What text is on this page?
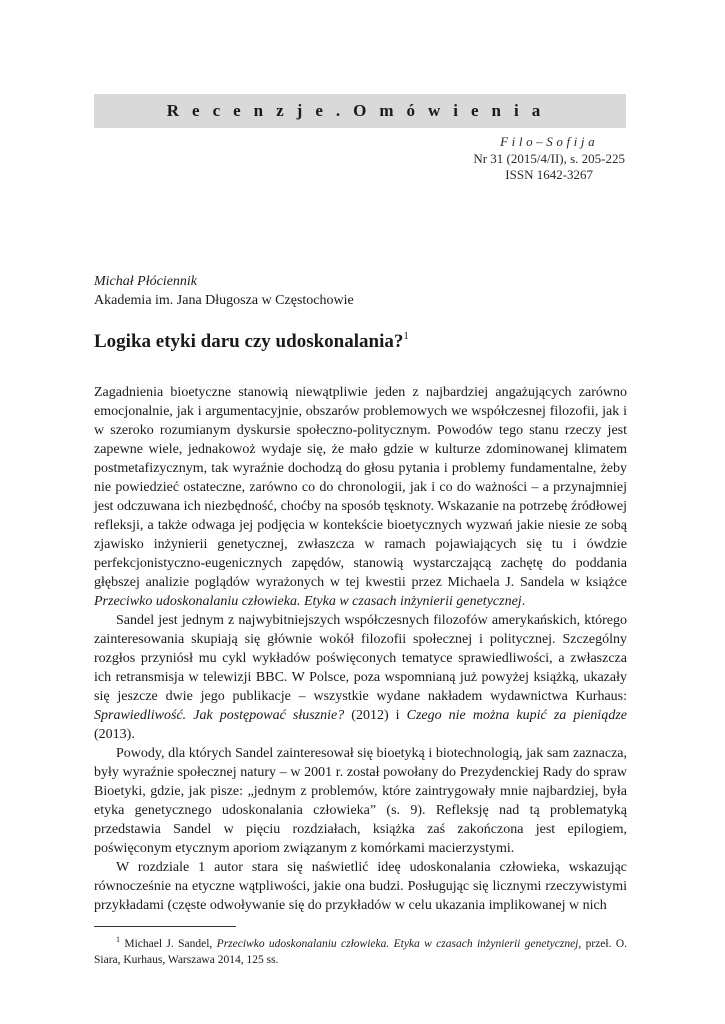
Recenzje.Omówienia
Filo–Sofija
Nr 31 (2015/4/II), s. 205-225
ISSN 1642-3267
Michał Płóciennik
Akademia im. Jana Długosza w Częstochowie
Logika etyki daru czy udoskonalania?$^1$

Zagadnienia bioetyczne stanowią niewątpliwie jeden z najbardziej angażujących zarówno emocjonalnie, jak i argumentacyjnie, obszarów problemowych we współczesnej filozofii, jak i w szeroko rozumianym dyskursie społeczno-politycznym. Powodów tego stanu rzeczy jest zapewne wiele, jednakowoż wydaje się, że mało gdzie w kulturze zdominowanej klimatem postmetafizycznym, tak wyraźnie dochodzą do głosu pytania i problemy fundamentalne, żeby nie powiedzieć ostateczne, zarówno co do chronologii, jak i co do ważności – a przynajmniej jest odczuwana ich niezbędność, choćby na sposób tęsknoty. Wskazanie na potrzebę źródłowej refleksji, a także odwaga jej podjęcia w kontekście bioetycznych wyzwań jakie niesie ze sobą zjawisko inżynierii genetycznej, zwłaszcza w ramach pojawiających się tu i ówdzie perfekcjonistyczno-eugenicznych zapędów, stanowią wystarczającą zachętę do poddania głębszej analizie poglądów wyrażonych w tej kwestii przez Michaela J. Sandela w książce Przeciwko udoskonalaniu człowieka. Etyka w czasach inżynierii genetycznej.

Sandel jest jednym z najwybitniejszych współczesnych filozofów amerykańskich, którego zainteresowania skupiają się głównie wokół filozofii społecznej i politycznej. Szczególny rozgłos przyniósł mu cykl wykładów poświęconych tematyce sprawiedliwości, a zwłaszcza ich retransmisja w telewizji BBC. W Polsce, poza wspomnianą już powyżej książką, ukazały się jeszcze dwie jego publikacje – wszystkie wydane nakładem wydawnictwa Kurhaus: Sprawiedliwość. Jak postępować słusznie? (2012) i Czego nie można kupić za pieniądze (2013).

Powody, dla których Sandel zainteresował się bioetyką i biotechnologią, jak sam zaznacza, były wyraźnie społecznej natury – w 2001 r. został powołany do Prezydenckiej Rady do spraw Bioetyki, gdzie, jak pisze: „jednym z problemów, które zaintrygowały mnie najbardziej, była etyka genetycznego udoskonalania człowieka” (s. 9). Refleksję nad tą problematyką przedstawia Sandel w pięciu rozdziałach, książka zaś zakończona jest epilogiem, poświęconym etycznym aporiom związanym z komórkami macierzystymi.

W rozdziale 1 autor stara się naświetlić ideę udoskonalania człowieka, wskazując równocześnie na etyczne wątpliwości, jakie ona budzi. Posługując się licznymi rzeczywistymi przykładami (częste odwoływanie się do przykładów w celu ukazania implikowanej w nich

$^1$ Michael J. Sandel, Przeciwko udoskonalaniu człowieka. Etyka w czasach inżynierii genetycznej, przeł. O. Siara, Kurhaus, Warszawa 2014, 125 ss.
